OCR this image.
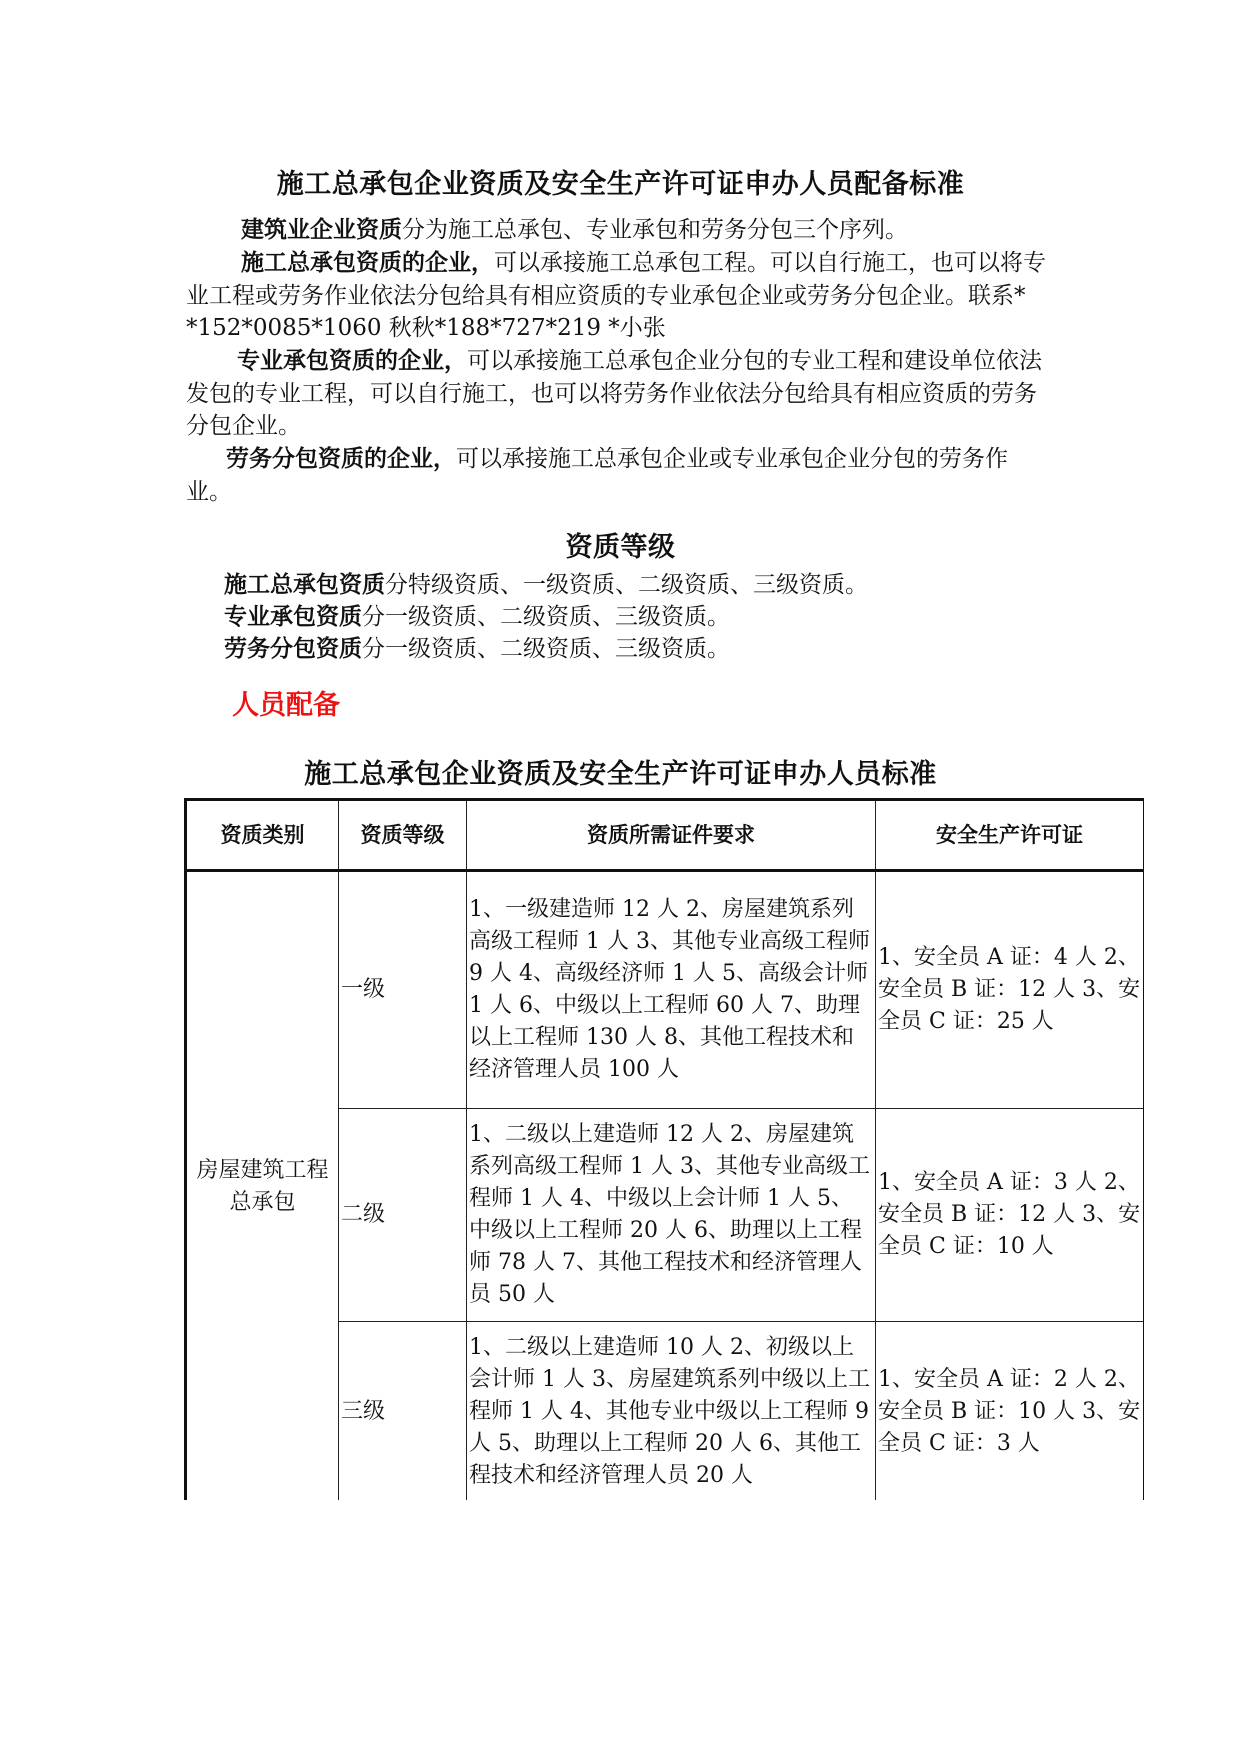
施工总承包企业资质及安全生产许可证申办人员配备标准

建筑业企业资质分为施工总承包、专业承包和劳务分包三个序列。

施工总承包资质的企业，可以承接施工总承包工程。可以自行施工，也可以将专业工程或劳务作业依法分包给具有相应资质的专业承包企业或劳务分包企业。联系* *152*0085*1060 秋秋*188*727*219 *小张

专业承包资质的企业，可以承接施工总承包企业分包的专业工程和建设单位依法发包的专业工程，可以自行施工，也可以将劳务作业依法分包给具有相应资质的劳务分包企业。

劳务分包资质的企业，可以承接施工总承包企业或专业承包企业分包的劳务作业。

资质等级

施工总承包资质分特级资质、一级资质、二级资质、三级资质。

专业承包资质分一级资质、二级资质、三级资质。

劳务分包资质分一级资质、二级资质、三级资质。

人员配备
施工总承包企业资质及安全生产许可证申办人员标准
资质类别	资质等级	资质所需证件要求	安全生产许可证
房屋建筑工程总承包	一级	1、一级建造师 12 人 2、房屋建筑系列高级工程师 1 人 3、其他专业高级工程师 9 人 4、高级经济师 1 人 5、高级会计师 1 人 6、中级以上工程师 60 人 7、助理以上工程师 130 人 8、其他工程技术和经济管理人员 100 人	1、安全员 A 证：4 人 2、安全员 B 证：12 人 3、安全员 C 证：25 人
	二级	1、二级以上建造师 12 人 2、房屋建筑系列高级工程师 1 人 3、其他专业高级工程师 1 人 4、中级以上会计师 1 人 5、中级以上工程师 20 人 6、助理以上工程师 78 人 7、其他工程技术和经济管理人员 50 人	1、安全员 A 证：3 人 2、安全员 B 证：12 人 3、安全员 C 证：10 人
	三级	1、二级以上建造师 10 人 2、初级以上会计师 1 人 3、房屋建筑系列中级以上工程师 1 人 4、其他专业中级以上工程师 9 人 5、助理以上工程师 20 人 6、其他工程技术和经济管理人员 20 人	1、安全员 A 证：2 人 2、安全员 B 证：10 人 3、安全员 C 证：3 人
